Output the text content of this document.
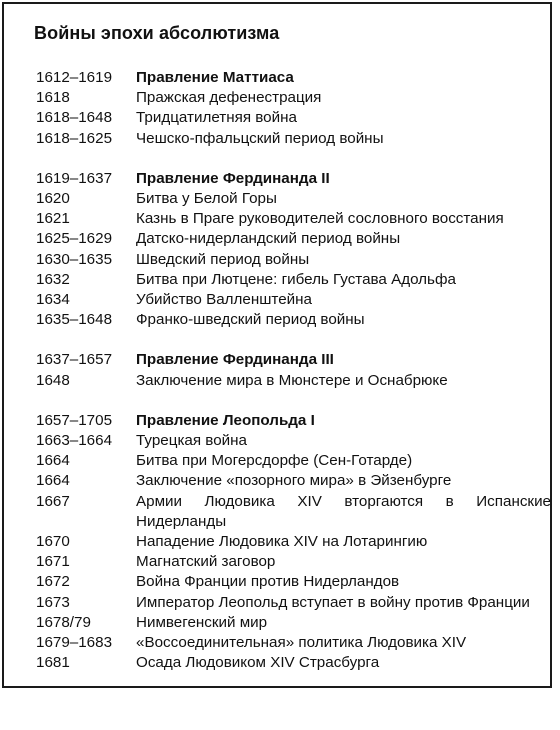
Войны эпохи абсолютизма
1612–1619	Правление Маттиаса
1618	Пражская дефенестрация
1618–1648	Тридцатилетняя война
1618–1625	Чешско-пфальцский период войны
1619–1637	Правление Фердинанда II
1620	Битва у Белой Горы
1621	Казнь в Праге руководителей сословного восстания
1625–1629	Датско-нидерландский период войны
1630–1635	Шведский период войны
1632	Битва при Лютцене: гибель Густава Адольфа
1634	Убийство Валленштейна
1635–1648	Франко-шведский период войны
1637–1657	Правление Фердинанда III
1648	Заключение мира в Мюнстере и Оснабрюке
1657–1705	Правление Леопольда I
1663–1664	Турецкая война
1664	Битва при Могерсдорфе (Сен-Готарде)
1664	Заключение «позорного мира» в Эйзенбурге
1667	Армии Людовика XIV вторгаются в Испанские Нидерланды
1670	Нападение Людовика XIV на Лотарингию
1671	Магнатский заговор
1672	Война Франции против Нидерландов
1673	Император Леопольд вступает в войну против Франции
1678/79	Нимвегенский мир
1679–1683	«Воссоединительная» политика Людовика XIV
1681	Осада Людовиком XIV Страсбурга
